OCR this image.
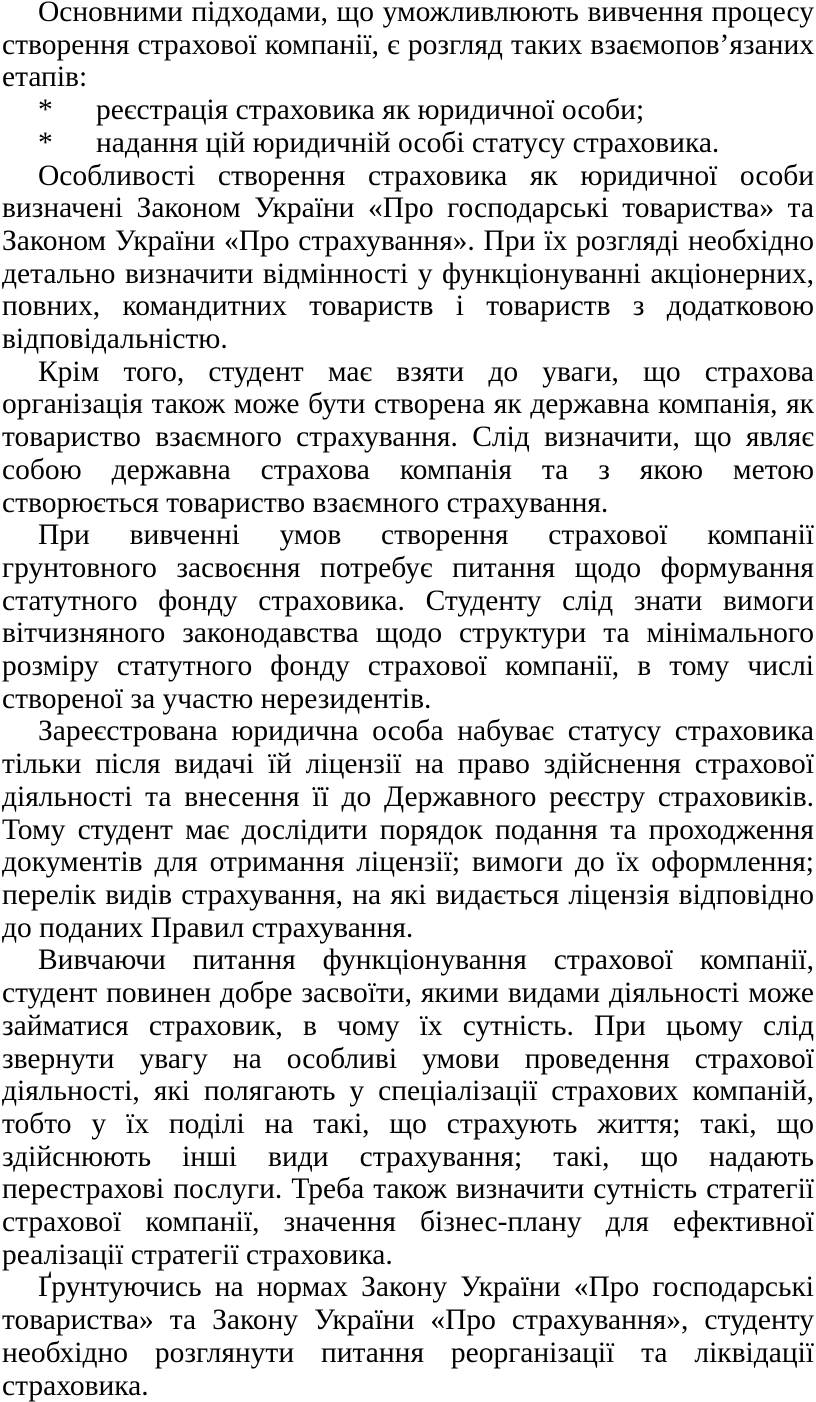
Основними підходами, що уможливлюють вивчення процесу створення страхової компанії, є розгляд таких взаємопов’язаних етапів:

*	реєстрація страховика як юридичної особи;
*	надання цій юридичній особі статусу страховика.

Особливості створення страховика як юридичної особи визначені Законом України «Про господарські товариства» та Законом України «Про страхування». При їх розгляді необхідно детально визначити відмінності у функціонуванні акціонерних, повних, командитних товариств і товариств з додатковою відповідальністю.

Крім того, студент має взяти до уваги, що страхова організація також може бути створена як державна компанія, як товариство взаємного страхування. Слід визначити, що являє собою державна страхова компанія та з якою метою створюється товариство взаємного страхування.

При вивченні умов створення страхової компанії грунтовного засвоєння потребує питання щодо формування статутного фонду страховика. Студенту слід знати вимоги вітчизняного законодавства щодо структури та мінімального розміру статутного фонду страхової компанії, в тому числі створеної за участю нерезидентів.

Зареєстрована юридична особа набуває статусу страховика тільки після видачі їй ліцензії на право здійснення страхової діяльності та внесення її до Державного реєстру страховиків. Тому студент має дослідити порядок подання та проходження документів для отримання ліцензії; вимоги до їх оформлення; перелік видів страхування, на які видається ліцензія відповідно до поданих Правил страхування.

Вивчаючи питання функціонування страхової компанії, студент повинен добре засвоїти, якими видами діяльності може займатися страховик, в чому їх сутність. При цьому слід звернути увагу на особливі умови проведення страхової діяльності, які полягають у спеціалізації страхових компаній, тобто у їх поділі на такі, що страхують життя; такі, що здійснюють інші види страхування; такі, що надають перестрахові послуги. Треба також визначити сутність стратегії страхової компанії, значення бізнес-плану для ефективної реалізації стратегії страховика.

Ґрунтуючись на нормах Закону України «Про господарські товариства» та Закону України «Про страхування», студенту необхідно розглянути питання реорганізації та ліквідації страховика.
